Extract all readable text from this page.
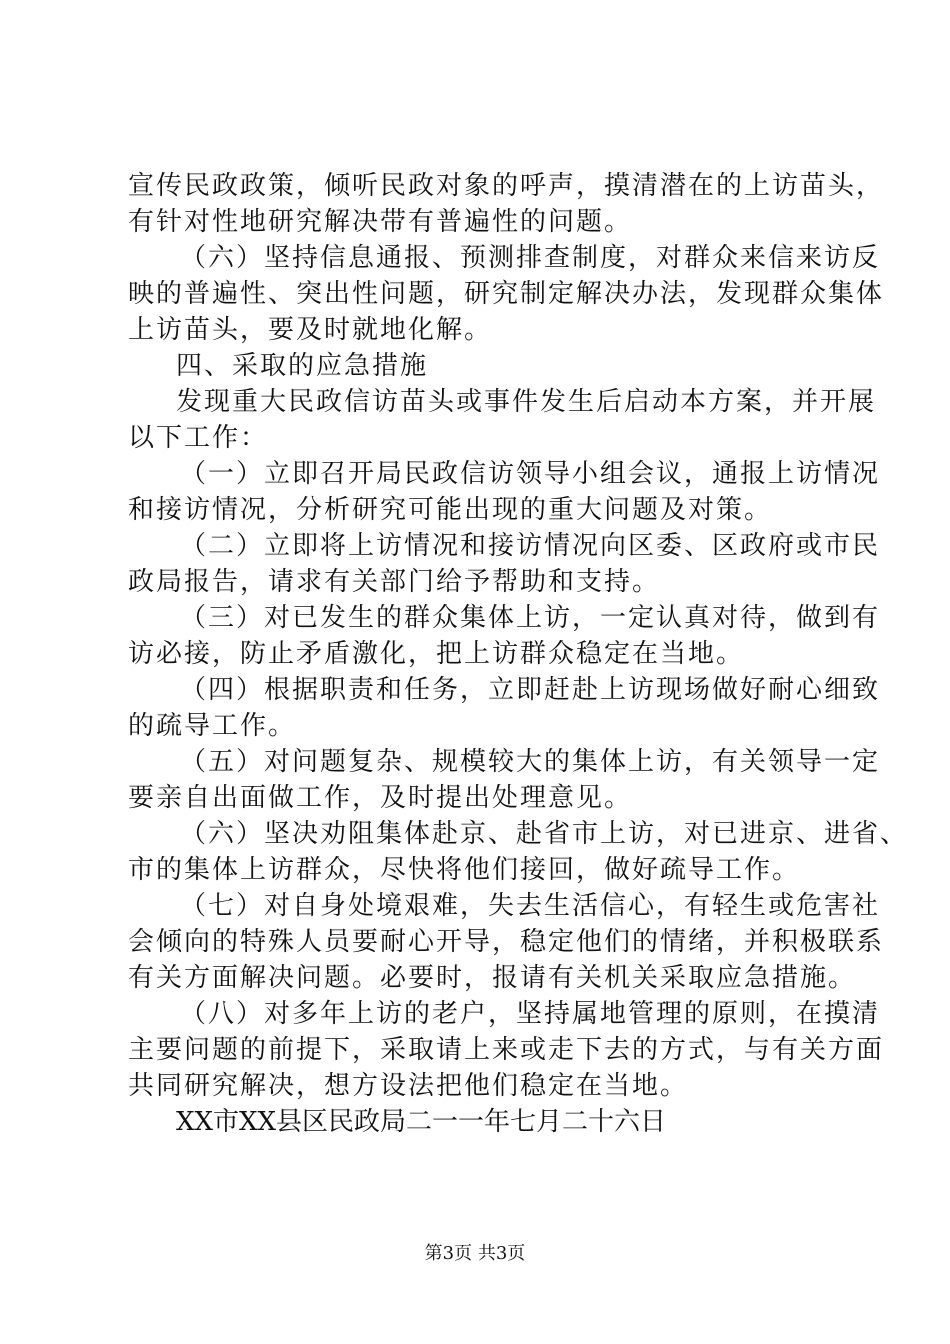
宣传民政政策，倾听民政对象的呼声，摸清潜在的上访苗头，
有针对性地研究解决带有普遍性的问题。
（六）坚持信息通报、预测排查制度，对群众来信来访反
映的普遍性、突出性问题，研究制定解决办法，发现群众集体
上访苗头，要及时就地化解。
四、采取的应急措施
发现重大民政信访苗头或事件发生后启动本方案，并开展
以下工作：
（一）立即召开局民政信访领导小组会议，通报上访情况
和接访情况，分析研究可能出现的重大问题及对策。
（二）立即将上访情况和接访情况向区委、区政府或市民
政局报告，请求有关部门给予帮助和支持。
（三）对已发生的群众集体上访，一定认真对待，做到有
访必接，防止矛盾激化，把上访群众稳定在当地。
（四）根据职责和任务，立即赶赴上访现场做好耐心细致
的疏导工作。
（五）对问题复杂、规模较大的集体上访，有关领导一定
要亲自出面做工作，及时提出处理意见。
（六）坚决劝阻集体赴京、赴省市上访，对已进京、进省、
市的集体上访群众，尽快将他们接回，做好疏导工作。
（七）对自身处境艰难，失去生活信心，有轻生或危害社
会倾向的特殊人员要耐心开导，稳定他们的情绪，并积极联系
有关方面解决问题。必要时，报请有关机关采取应急措施。
（八）对多年上访的老户，坚持属地管理的原则，在摸清
主要问题的前提下，采取请上来或走下去的方式，与有关方面
共同研究解决，想方设法把他们稳定在当地。
XX市XX县区民政局二一一年七月二十六日
第3页 共3页
